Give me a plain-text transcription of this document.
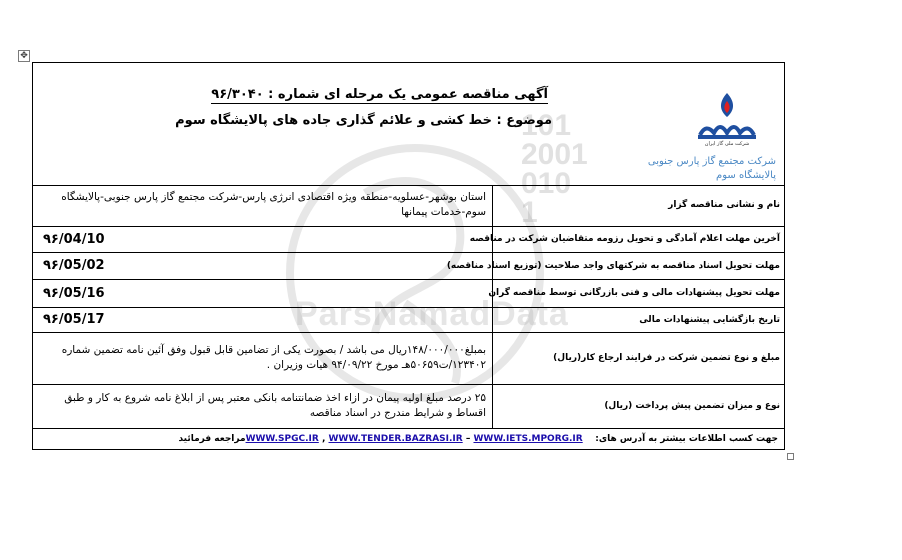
✥
101
2001
010
1
ParsNamadData
شرکت ملی گاز ایران
شرکت مجتمع گاز پارس جنوبی
پالایشگاه سوم
آگهی مناقصه عمومی یک مرحله ای شماره : ۹۶/۳۰۴۰
موضوع : خط کشی و علائم گذاری جاده های پالایشگاه سوم
نام و نشانی مناقصه گزار	استان بوشهر-عسلویه-منطقه ویژه اقتصادی انرژی پارس-شرکت مجتمع گاز پارس جنوبی-پالایشگاه سوم-خدمات پیمانها
آخرین مهلت اعلام آمادگی و تحویل رزومه متقاضیان شرکت در مناقصه	۹۶/04/10
مهلت تحویل اسناد مناقصه به شرکتهای واجد صلاحیت (توزیع اسناد مناقصه)	۹۶/05/02
مهلت تحویل پیشنهادات مالی و فنی بازرگانی توسط مناقصه گران	۹۶/05/16
تاریخ بازگشایی پیشنهادات مالی	۹۶/05/17
مبلغ و نوع تضمین شرکت در فرایند ارجاع کار(ریال)	بمبلغ۱۴۸/۰۰۰/۰۰۰ریال می باشد / بصورت یکی از تضامین قابل قبول وفق آئین نامه تضمین شماره ۱۲۳۴۰۲/ت۵۰۶۵۹هـ مورخ ۹۴/۰۹/۲۲ هیات وزیران .
نوع و میزان تضمین پیش پرداخت (ریال)	۲۵ درصد مبلغ اولیه پیمان در ازاء اخذ ضمانتنامه بانکی معتبر پس از ابلاغ نامه شروع به کار و طبق اقساط و شرایط مندرج در اسناد مناقصه
جهت کسب اطلاعات بیشتر به آدرس های:   WWW.SPGC.IR , WWW.TENDER.BAZRASI.IR – WWW.IETS.MPORG.IR مراجعه فرمائید	
